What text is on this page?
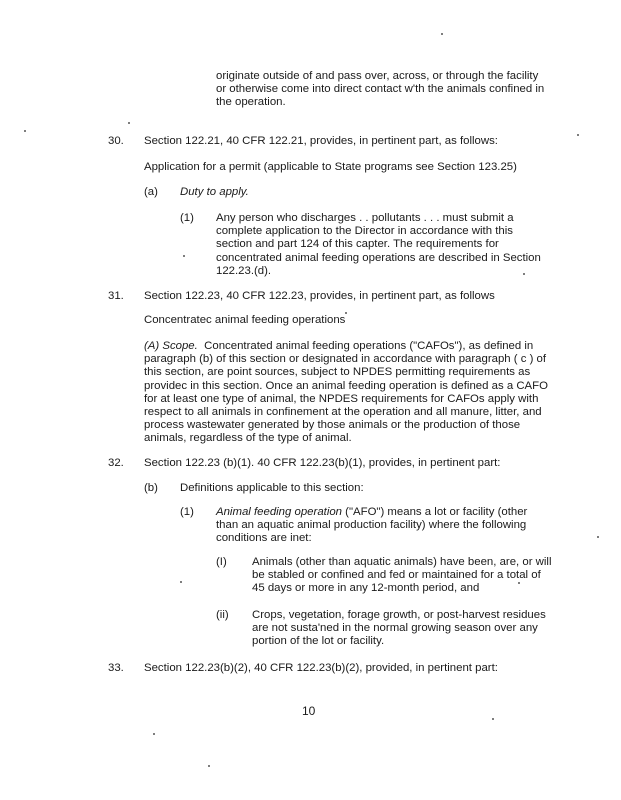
originate outside of and pass over, across, or through the facility or otherwise come into direct contact w'th the animals confined in the operation.

30. Section 122.21, 40 CFR 122.21, provides, in pertinent part, as follows:

Application for a permit (applicable to State programs see Section 123.25)

(a) Duty to apply.
(1) Any person who discharges . . pollutants . . . must submit a complete application to the Director in accordance with this section and part 124 of this capter. The requirements for concentrated animal feeding operations are described in Section 122.23.(d).

31. Section 122.23, 40 CFR 122.23, provides, in pertinent part, as follows

Concentratec animal feeding operations

(A) Scope. Concentrated animal feeding operations ("CAFOs"), as defined in paragraph (b) of this section or designated in accordance with paragraph ( c ) of this section, are point sources, subject to NPDES permitting requirements as providec in this section. Once an animal feeding operation is defined as a CAFO for at least one type of animal, the NPDES requirements for CAFOs apply with respect to all animals in confinement at the operation and all manure, litter, and process wastewater generated by those animals or the production of those animals, regardless of the type of animal.

32. Section 122.23 (b)(1). 40 CFR 122.23(b)(1), provides, in pertinent part:

(b) Definitions applicable to this section:
(1) Animal feeding operation ("AFO") means a lot or facility (other than an aquatic animal production facility) where the following conditions are inet:

(I) Animals (other than aquatic animals) have been, are, or will be stabled or confined and fed or maintained for a total of 45 days or more in any 12-month period, and

(ii) Crops, vegetation, forage growth, or post-harvest residues are not susta'ned in the normal growing season over any portion of the lot or facility.

33. Section 122.23(b)(2), 40 CFR 122.23(b)(2), provided, in pertinent part:

10
